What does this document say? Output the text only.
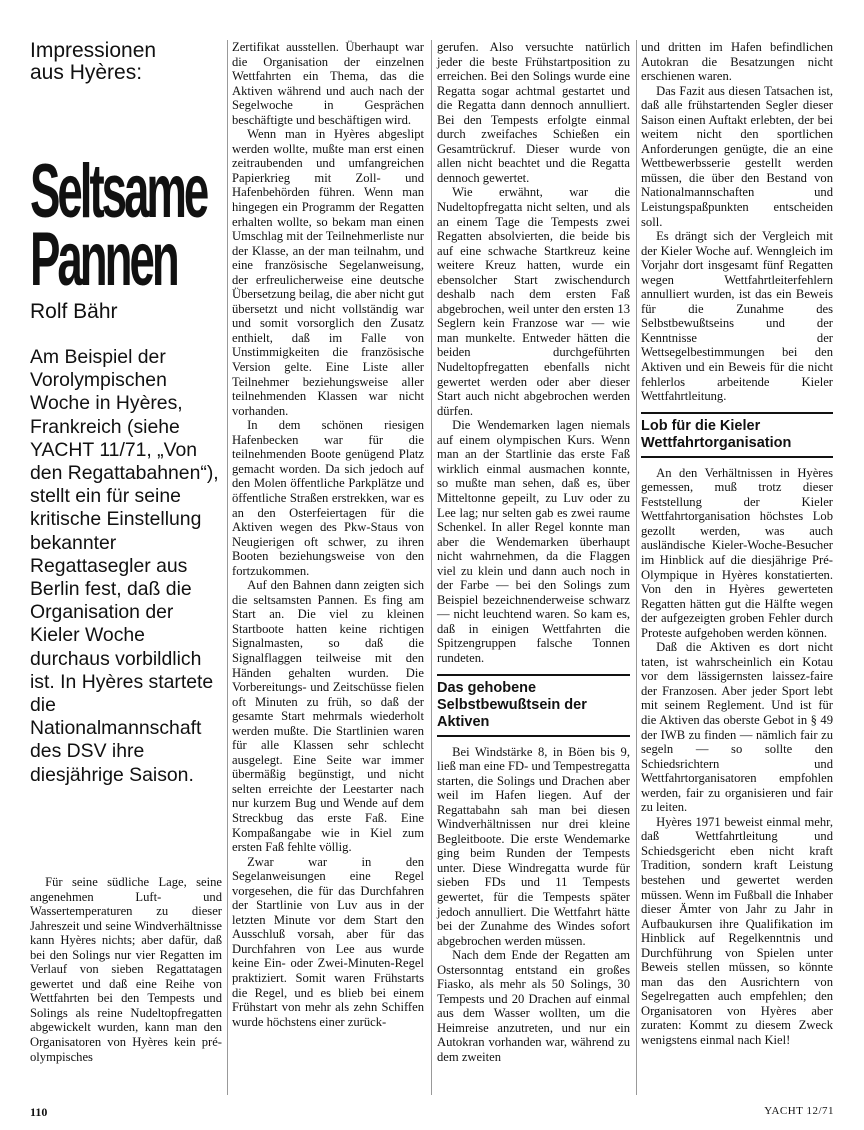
Impressionen aus Hyères:

Seltsame
Pannen
Rolf Bähr
Am Beispiel der Vorolympischen Woche in Hyères, Frankreich (siehe YACHT 11/71, „Von den Regattabahnen“), stellt ein für seine kritische Einstellung bekannter Regattasegler aus Berlin fest, daß die Organisation der Kieler Woche durchaus vorbildlich ist. In Hyères startete die Nationalmannschaft des DSV ihre diesjährige Saison.

Für seine südliche Lage, seine angenehmen Luft- und Wassertemperaturen zu dieser Jahreszeit und seine Windverhältnisse kann Hyères nichts; aber dafür, daß bei den Solings nur vier Regatten im Verlauf von sieben Regattatagen gewertet und daß eine Reihe von Wettfahrten bei den Tempests und Solings als reine Nudeltopfregatten abgewickelt wurden, kann man den Organisatoren von Hyères kein pré-olympisches

Zertifikat ausstellen. Überhaupt war die Organisation der einzelnen Wettfahrten ein Thema, das die Aktiven während und auch nach der Segelwoche in Gesprächen beschäftigte und beschäftigen wird.

Wenn man in Hyères abgeslipt werden wollte, mußte man erst einen zeitraubenden und umfangreichen Papierkrieg mit Zoll- und Hafenbehörden führen. Wenn man hingegen ein Programm der Regatten erhalten wollte, so bekam man einen Umschlag mit der Teilnehmerliste nur der Klasse, an der man teilnahm, und eine französische Segelanweisung, der erfreulicherweise eine deutsche Übersetzung beilag, die aber nicht gut übersetzt und nicht vollständig war und somit vorsorglich den Zusatz enthielt, daß im Falle von Unstimmigkeiten die französische Version gelte. Eine Liste aller Teilnehmer beziehungsweise aller teilnehmenden Klassen war nicht vorhanden.

In dem schönen riesigen Hafenbecken war für die teilnehmenden Boote genügend Platz gemacht worden. Da sich jedoch auf den Molen öffentliche Parkplätze und öffentliche Straßen erstrekken, war es an den Osterfeiertagen für die Aktiven wegen des Pkw-Staus von Neugierigen oft schwer, zu ihren Booten beziehungsweise von den fortzukommen.

Auf den Bahnen dann zeigten sich die seltsamsten Pannen. Es fing am Start an. Die viel zu kleinen Startboote hatten keine richtigen Signalmasten, so daß die Signalflaggen teilweise mit den Händen gehalten wurden. Die Vorbereitungs- und Zeitschüsse fielen oft Minuten zu früh, so daß der gesamte Start mehrmals wiederholt werden mußte. Die Startlinien waren für alle Klassen sehr schlecht ausgelegt. Eine Seite war immer übermäßig begünstigt, und nicht selten erreichte der Leestarter nach nur kurzem Bug und Wende auf dem Streckbug das erste Faß. Eine Kompaßangabe wie in Kiel zum ersten Faß fehlte völlig.

Zwar war in den Segelanweisungen eine Regel vorgesehen, die für das Durchfahren der Startlinie von Luv aus in der letzten Minute vor dem Start den Ausschluß vorsah, aber für das Durchfahren von Lee aus wurde keine Ein- oder Zwei-Minuten-Regel praktiziert. Somit waren Frühstarts die Regel, und es blieb bei einem Frühstart von mehr als zehn Schiffen wurde höchstens einer zurück-

gerufen. Also versuchte natürlich jeder die beste Frühstartposition zu erreichen. Bei den Solings wurde eine Regatta sogar achtmal gestartet und die Regatta dann dennoch annulliert. Bei den Tempests erfolgte einmal durch zweifaches Schießen ein Gesamtrückruf. Dieser wurde von allen nicht beachtet und die Regatta dennoch gewertet.

Wie erwähnt, war die Nudeltopfregatta nicht selten, und als an einem Tage die Tempests zwei Regatten absolvierten, die beide bis auf eine schwache Startkreuz keine weitere Kreuz hatten, wurde ein ebensolcher Start zwischendurch deshalb nach dem ersten Faß abgebrochen, weil unter den ersten 13 Seglern kein Franzose war — wie man munkelte. Entweder hätten die beiden durchgeführten Nudeltopfregatten ebenfalls nicht gewertet werden oder aber dieser Start auch nicht abgebrochen werden dürfen.

Die Wendemarken lagen niemals auf einem olympischen Kurs. Wenn man an der Startlinie das erste Faß wirklich einmal ausmachen konnte, so mußte man sehen, daß es, über Mitteltonne gepeilt, zu Luv oder zu Lee lag; nur selten gab es zwei raume Schenkel. In aller Regel konnte man aber die Wendemarken überhaupt nicht wahrnehmen, da die Flaggen viel zu klein und dann auch noch in der Farbe — bei den Solings zum Beispiel bezeichnenderweise schwarz — nicht leuchtend waren. So kam es, daß in einigen Wettfahrten die Spitzengruppen falsche Tonnen rundeten.

Das gehobene Selbstbewußtsein der Aktiven

Bei Windstärke 8, in Böen bis 9, ließ man eine FD- und Tempestregatta starten, die Solings und Drachen aber weil im Hafen liegen. Auf der Regattabahn sah man bei diesen Windverhältnissen nur drei kleine Begleitboote. Die erste Wendemarke ging beim Runden der Tempests unter. Diese Windregatta wurde für sieben FDs und 11 Tempests gewertet, für die Tempests später jedoch annulliert. Die Wettfahrt hätte bei der Zunahme des Windes sofort abgebrochen werden müssen.

Nach dem Ende der Regatten am Ostersonntag entstand ein großes Fiasko, als mehr als 50 Solings, 30 Tempests und 20 Drachen auf einmal aus dem Wasser wollten, um die Heimreise anzutreten, und nur ein Autokran vorhanden war, während zu dem zweiten

und dritten im Hafen befindlichen Autokran die Besatzungen nicht erschienen waren.

Das Fazit aus diesen Tatsachen ist, daß alle frühstartenden Segler dieser Saison einen Auftakt erlebten, der bei weitem nicht den sportlichen Anforderungen genügte, die an eine Wettbewerbsserie gestellt werden müssen, die über den Bestand von Nationalmannschaften und Leistungspaßpunkten entscheiden soll.

Es drängt sich der Vergleich mit der Kieler Woche auf. Wenngleich im Vorjahr dort insgesamt fünf Regatten wegen Wettfahrtleiterfehlern annulliert wurden, ist das ein Beweis für die Zunahme des Selbstbewußtseins und der Kenntnisse der Wettsegelbestimmungen bei den Aktiven und ein Beweis für die nicht fehlerlos arbeitende Kieler Wettfahrtleitung.

Lob für die Kieler Wettfahrtorganisation

An den Verhältnissen in Hyères gemessen, muß trotz dieser Feststellung der Kieler Wettfahrtorganisation höchstes Lob gezollt werden, was auch ausländische Kieler-Woche-Besucher im Hinblick auf die diesjährige Pré-Olympique in Hyères konstatierten. Von den in Hyères gewerteten Regatten hätten gut die Hälfte wegen der aufgezeigten groben Fehler durch Proteste aufgehoben werden können.

Daß die Aktiven es dort nicht taten, ist wahrscheinlich ein Kotau vor dem lässigernsten laissez-faire der Franzosen. Aber jeder Sport lebt mit seinem Reglement. Und ist für die Aktiven das oberste Gebot in § 49 der IWB zu finden — nämlich fair zu segeln — so sollte den Schiedsrichtern und Wettfahrtorganisatoren empfohlen werden, fair zu organisieren und fair zu leiten.

Hyères 1971 beweist einmal mehr, daß Wettfahrtleitung und Schiedsgericht eben nicht kraft Tradition, sondern kraft Leistung bestehen und gewertet werden müssen. Wenn im Fußball die Inhaber dieser Ämter von Jahr zu Jahr in Aufbaukursen ihre Qualifikation im Hinblick auf Regelkenntnis und Durchführung von Spielen unter Beweis stellen müssen, so könnte man das den Ausrichtern von Segelregatten auch empfehlen; den Organisatoren von Hyères aber zuraten: Kommt zu diesem Zweck wenigstens einmal nach Kiel!

110	YACHT 12/71
